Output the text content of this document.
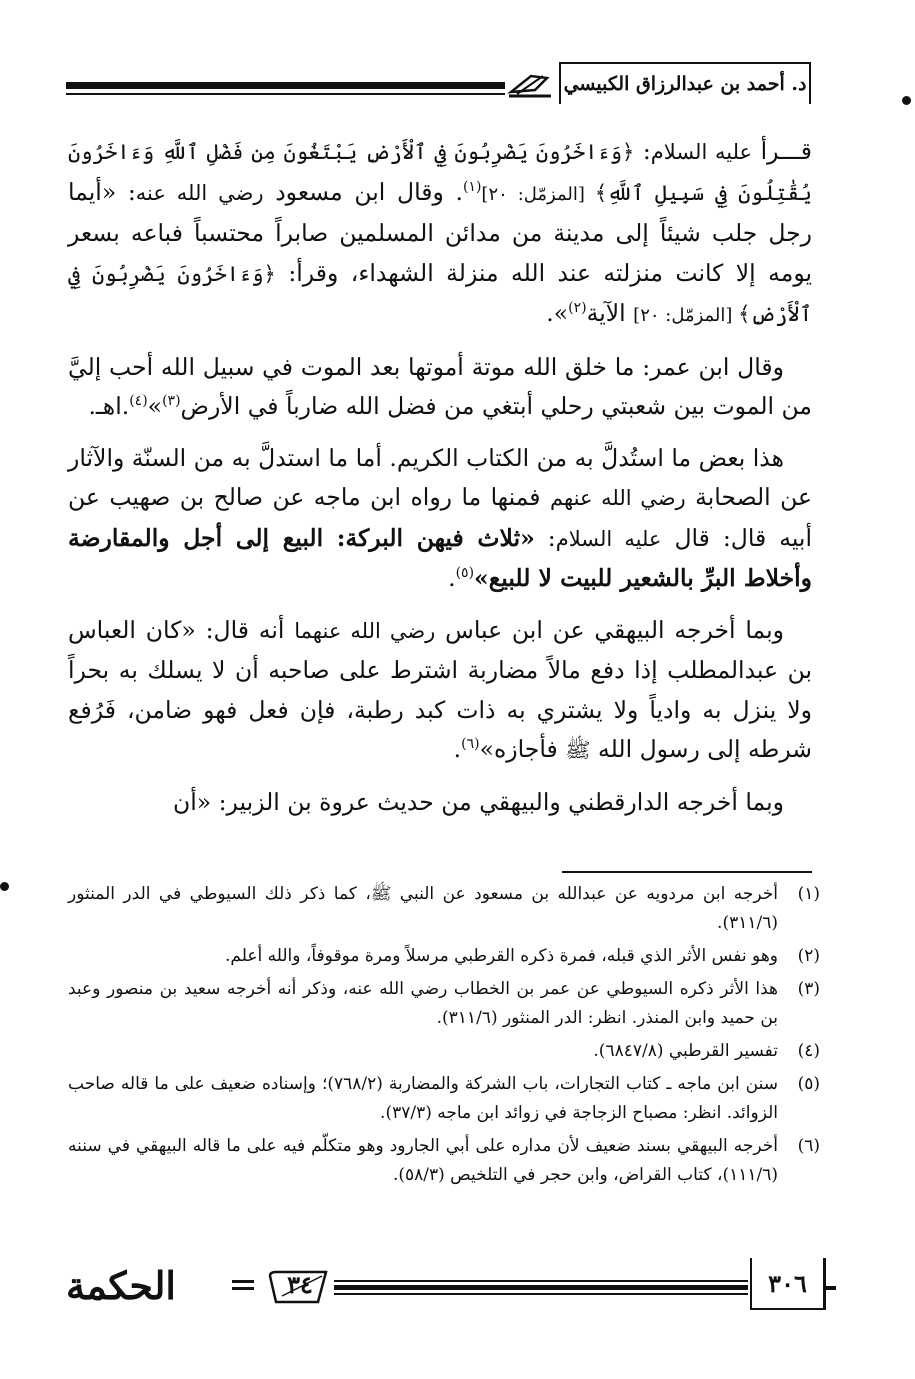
د. أحمد بن عبدالرزاق الكبيسي

قـــرأ عليه السلام: ﴿وَءَاخَرُونَ يَضْرِبُونَ فِي ٱلْأَرْضِ يَبْتَغُونَ مِن فَضْلِ ٱللَّهِ وَءَاخَرُونَ يُقَٰتِلُونَ فِي سَبِيلِ ٱللَّهِ﴾ [المزمّل: ٢٠]$^{(١)}$. وقال ابن مسعود رضي الله عنه: «أيما رجل جلب شيئاً إلى مدينة من مدائن المسلمين صابراً محتسباً فباعه بسعر يومه إلا كانت منزلته عند الله منزلة الشهداء، وقرأ: ﴿وَءَاخَرُونَ يَضْرِبُونَ فِي ٱلْأَرْضِ﴾ [المزمّل: ٢٠] الآية$^{(٢)}$».

وقال ابن عمر: ما خلق الله موتة أموتها بعد الموت في سبيل الله أحب إليَّ من الموت بين شعبتي رحلي أبتغي من فضل الله ضارباً في الأرض$^{(٣)}$»$^{(٤)}$.اهـ.

هذا بعض ما استُدلَّ به من الكتاب الكريم. أما ما استدلَّ به من السنّة والآثار عن الصحابة رضي الله عنهم فمنها ما رواه ابن ماجه عن صالح بن صهيب عن أبيه قال: قال عليه السلام: «ثلاث فيهن البركة: البيع إلى أجل والمقارضة وأخلاط البرِّ بالشعير للبيت لا للبيع»$^{(٥)}$.

وبما أخرجه البيهقي عن ابن عباس رضي الله عنهما أنه قال: «كان العباس بن عبدالمطلب إذا دفع مالاً مضاربة اشترط على صاحبه أن لا يسلك به بحراً ولا ينزل به وادياً ولا يشتري به ذات كبد رطبة، فإن فعل فهو ضامن، فَرُفع شرطه إلى رسول الله ﷺ فأجازه»$^{(٦)}$.

وبما أخرجه الدارقطني والبيهقي من حديث عروة بن الزبير: «أن

(١)
أخرجه ابن مردويه عن عبدالله بن مسعود عن النبي ﷺ، كما ذكر ذلك السيوطي في الدر المنثور (٣١١/٦).
(٢)
وهو نفس الأثر الذي قبله، فمرة ذكره القرطبي مرسلاً ومرة موقوفاً، والله أعلم.
(٣)
هذا الأثر ذكره السيوطي عن عمر بن الخطاب رضي الله عنه، وذكر أنه أخرجه سعيد بن منصور وعبد بن حميد وابن المنذر. انظر: الدر المنثور (٣١١/٦).
(٤)
تفسير القرطبي (٦٨٤٧/٨).
(٥)
سنن ابن ماجه ـ كتاب التجارات، باب الشركة والمضاربة (٧٦٨/٢)؛ وإسناده ضعيف على ما قاله صاحب الزوائد. انظر: مصباح الزجاجة في زوائد ابن ماجه (٣٧/٣).
(٦)
أخرجه البيهقي بسند ضعيف لأن مداره على أبي الجارود وهو متكلّم فيه على ما قاله البيهقي في سننه (١١١/٦)، كتاب القراض، وابن حجر في التلخيص (٥٨/٣).
الحكمة	٣٤	٣٠٦
